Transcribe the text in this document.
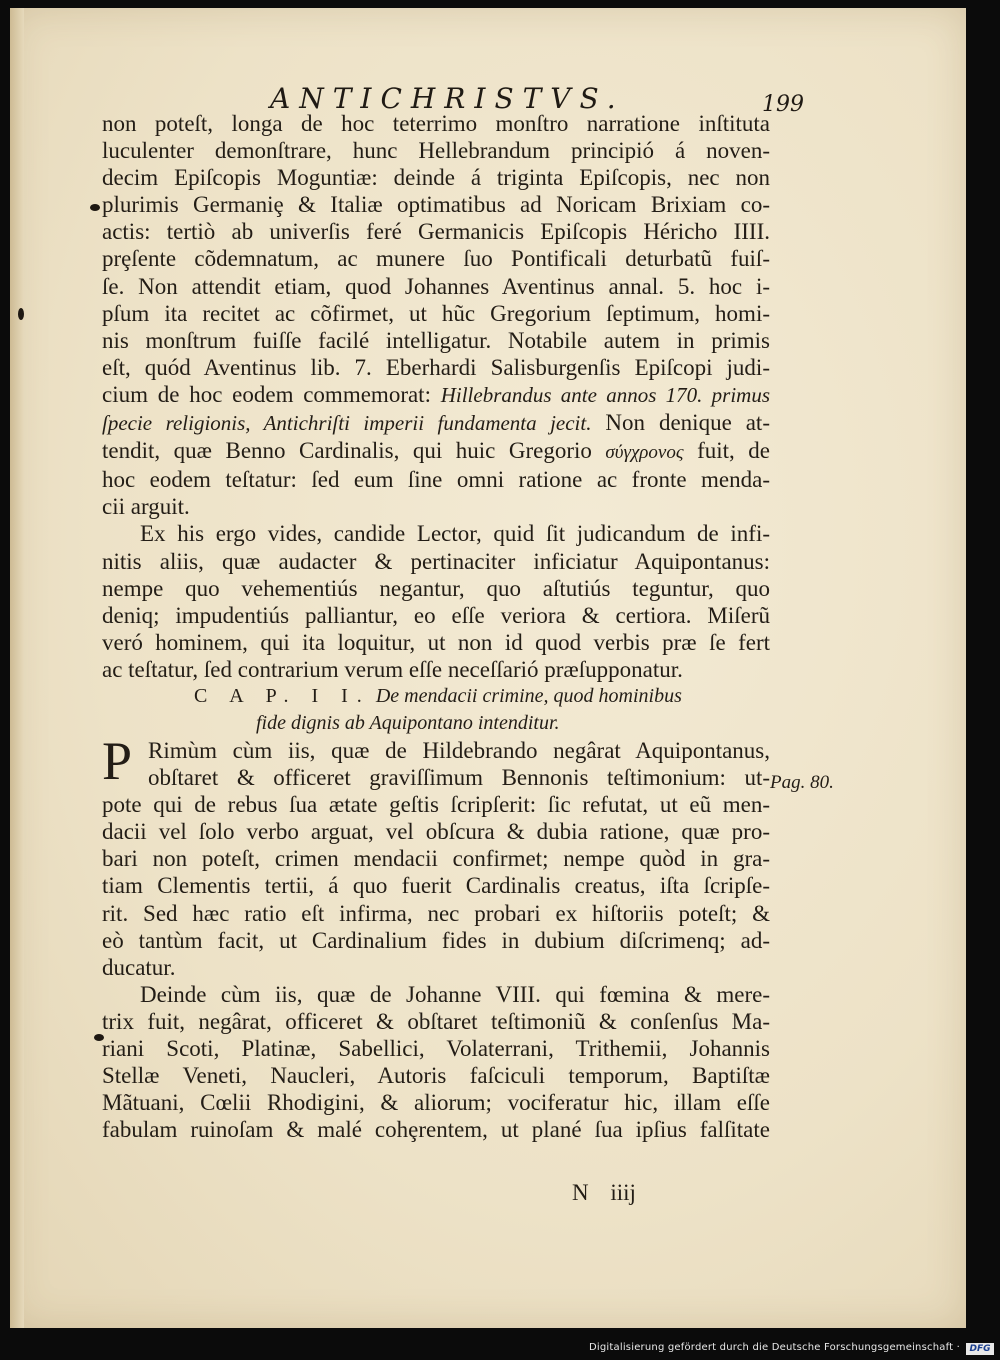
ANTICHRISTVS.	199
non poteſt, longa de hoc teterrimo monſtro narratione inſtituta
luculenter demonſtrare, hunc Hellebrandum principió á noven-
decim Epiſcopis Moguntiæ: deinde á triginta Epiſcopis, nec non
plurimis Germaniȩ & Italiæ optimatibus ad Noricam Brixiam co-
actis: tertiò ab univerſis feré Germanicis Epiſcopis Héricho IIII.
prȩſente cõdemnatum, ac munere ſuo Pontificali deturbatũ fuiſ-
ſe. Non attendit etiam, quod Johannes Aventinus annal. 5. hoc i-
pſum ita recitet ac cõfirmet, ut hũc Gregorium ſeptimum, homi-
nis monſtrum fuiſſe facilé intelligatur. Notabile autem in primis
eſt, quód Aventinus lib. 7. Eberhardi Salisburgenſis Epiſcopi judi-
cium de hoc eodem commemorat: Hillebrandus ante annos 170. primus
ſpecie religionis, Antichriſti imperii fundamenta jecit. Non denique at-
tendit, quæ Benno Cardinalis, qui huic Gregorio σύγχρονος fuit, de
hoc eodem teſtatur: ſed eum ſine omni ratione ac fronte menda-
cii arguit.
Ex his ergo vides, candide Lector, quid ſit judicandum de infi-
nitis aliis, quæ audacter & pertinaciter inficiatur Aquipontanus:
nempe quo vehementiús negantur, quo aſtutiús teguntur, quo
deniq; impudentiús palliantur, eo eſſe veriora & certiora. Miſerũ
veró hominem, qui ita loquitur, ut non id quod verbis præ ſe fert
ac teſtatur, ſed contrarium verum eſſe neceſſarió præſupponatur.
C A P. I I. De mendacii crimine, quod hominibus
fide dignis ab Aquipontano intenditur.
P Rimùm cùm iis, quæ de Hildebrando negârat Aquipontanus,
obſtaret & officeret graviſſimum Bennonis teſtimonium: ut-
pote qui de rebus ſua ætate geſtis ſcripſerit: ſic refutat, ut eũ men-
dacii vel ſolo verbo arguat, vel obſcura & dubia ratione, quæ pro-
bari non poteſt, crimen mendacii confirmet; nempe quòd in gra-
tiam Clementis tertii, á quo fuerit Cardinalis creatus, iſta ſcripſe-
rit. Sed hæc ratio eſt infirma, nec probari ex hiſtoriis poteſt; &
eò tantùm facit, ut Cardinalium fides in dubium diſcrimenq; ad-
ducatur.
Deinde cùm iis, quæ de Johanne VIII. qui fœmina & mere-
trix fuit, negârat, officeret & obſtaret teſtimoniũ & conſenſus Ma-
riani Scoti, Platinæ, Sabellici, Volaterrani, Trithemii, Johannis
Stellæ Veneti, Naucleri, Autoris faſciculi temporum, Baptiſtæ
Mãtuani, Cœlii Rhodigini, & aliorum; vociferatur hic, illam eſſe
fabulam ruinoſam & malé cohȩrentem, ut plané ſua ipſius falſitate
Pag. 80.
N iiij
Digitalisierung gefördert durch die Deutsche Forschungsgemeinschaft ·	DFG
